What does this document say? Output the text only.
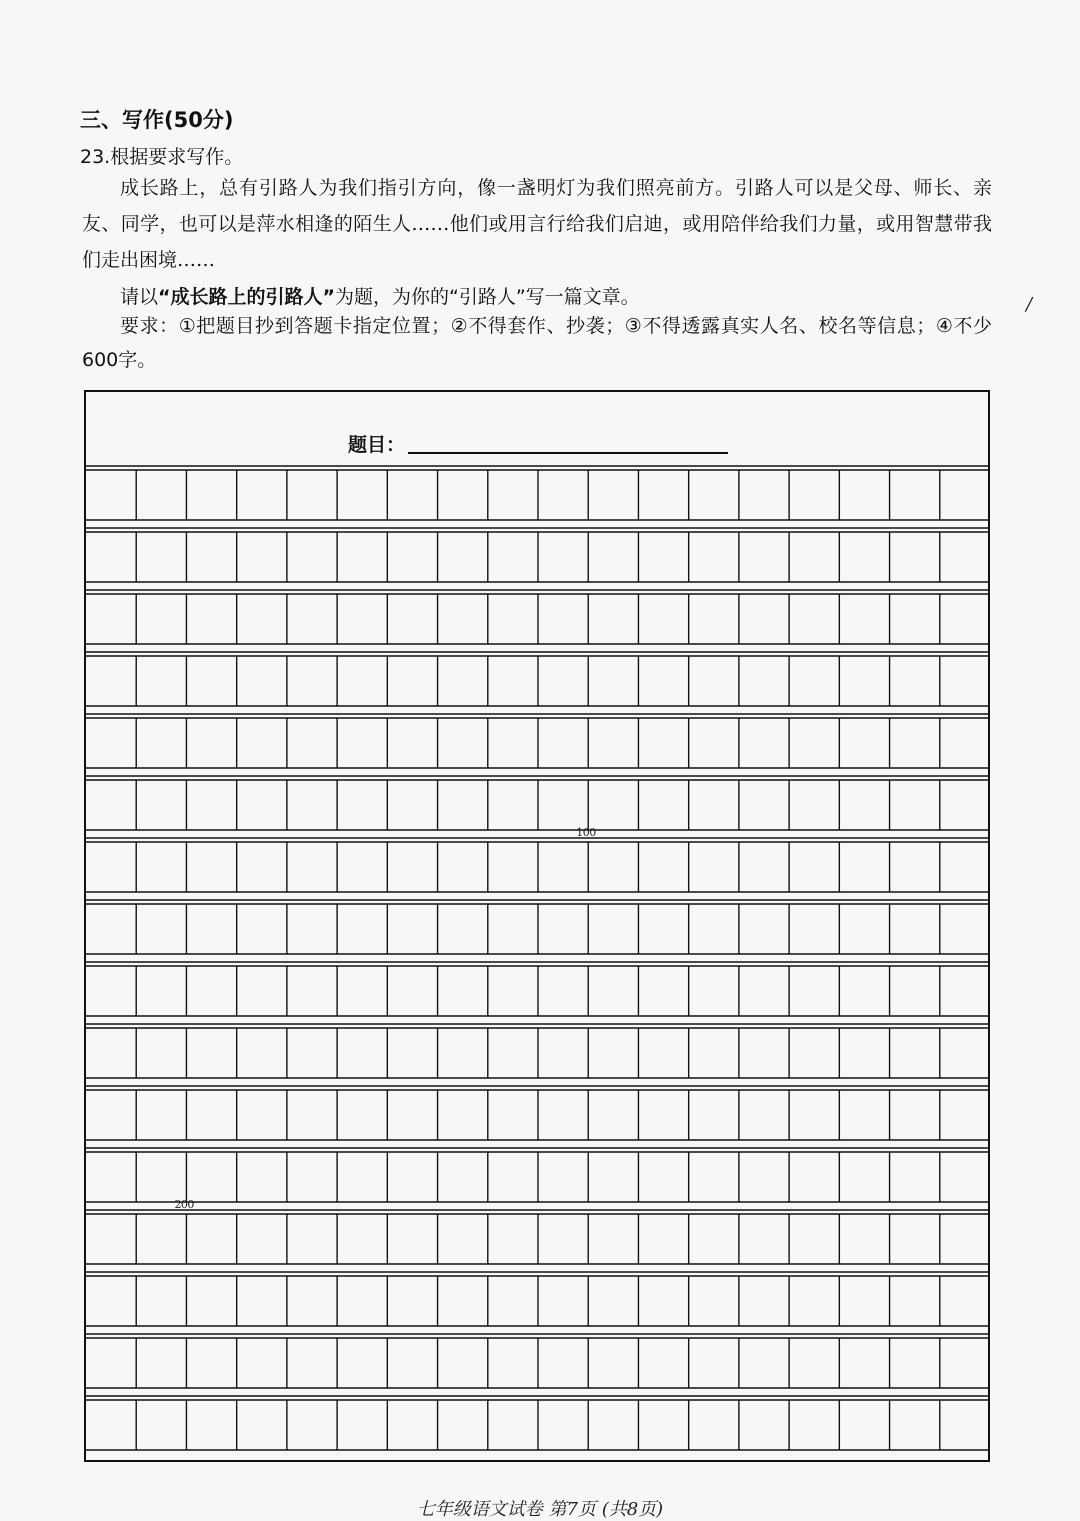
三、写作(50分)
23.根据要求写作。
成长路上，总有引路人为我们指引方向，像一盏明灯为我们照亮前方。引路人可以是父母、师长、亲友、同学，也可以是萍水相逢的陌生人……他们或用言行给我们启迪，或用陪伴给我们力量，或用智慧带我们走出困境……
请以“成长路上的引路人”为题，为你的“引路人”写一篇文章。
要求：①把题目抄到答题卡指定位置；②不得套作、抄袭；③不得透露真实人名、校名等信息；④不少600字。
/
题目：
100
200
七年级语文试卷 第7页 (共8页)
